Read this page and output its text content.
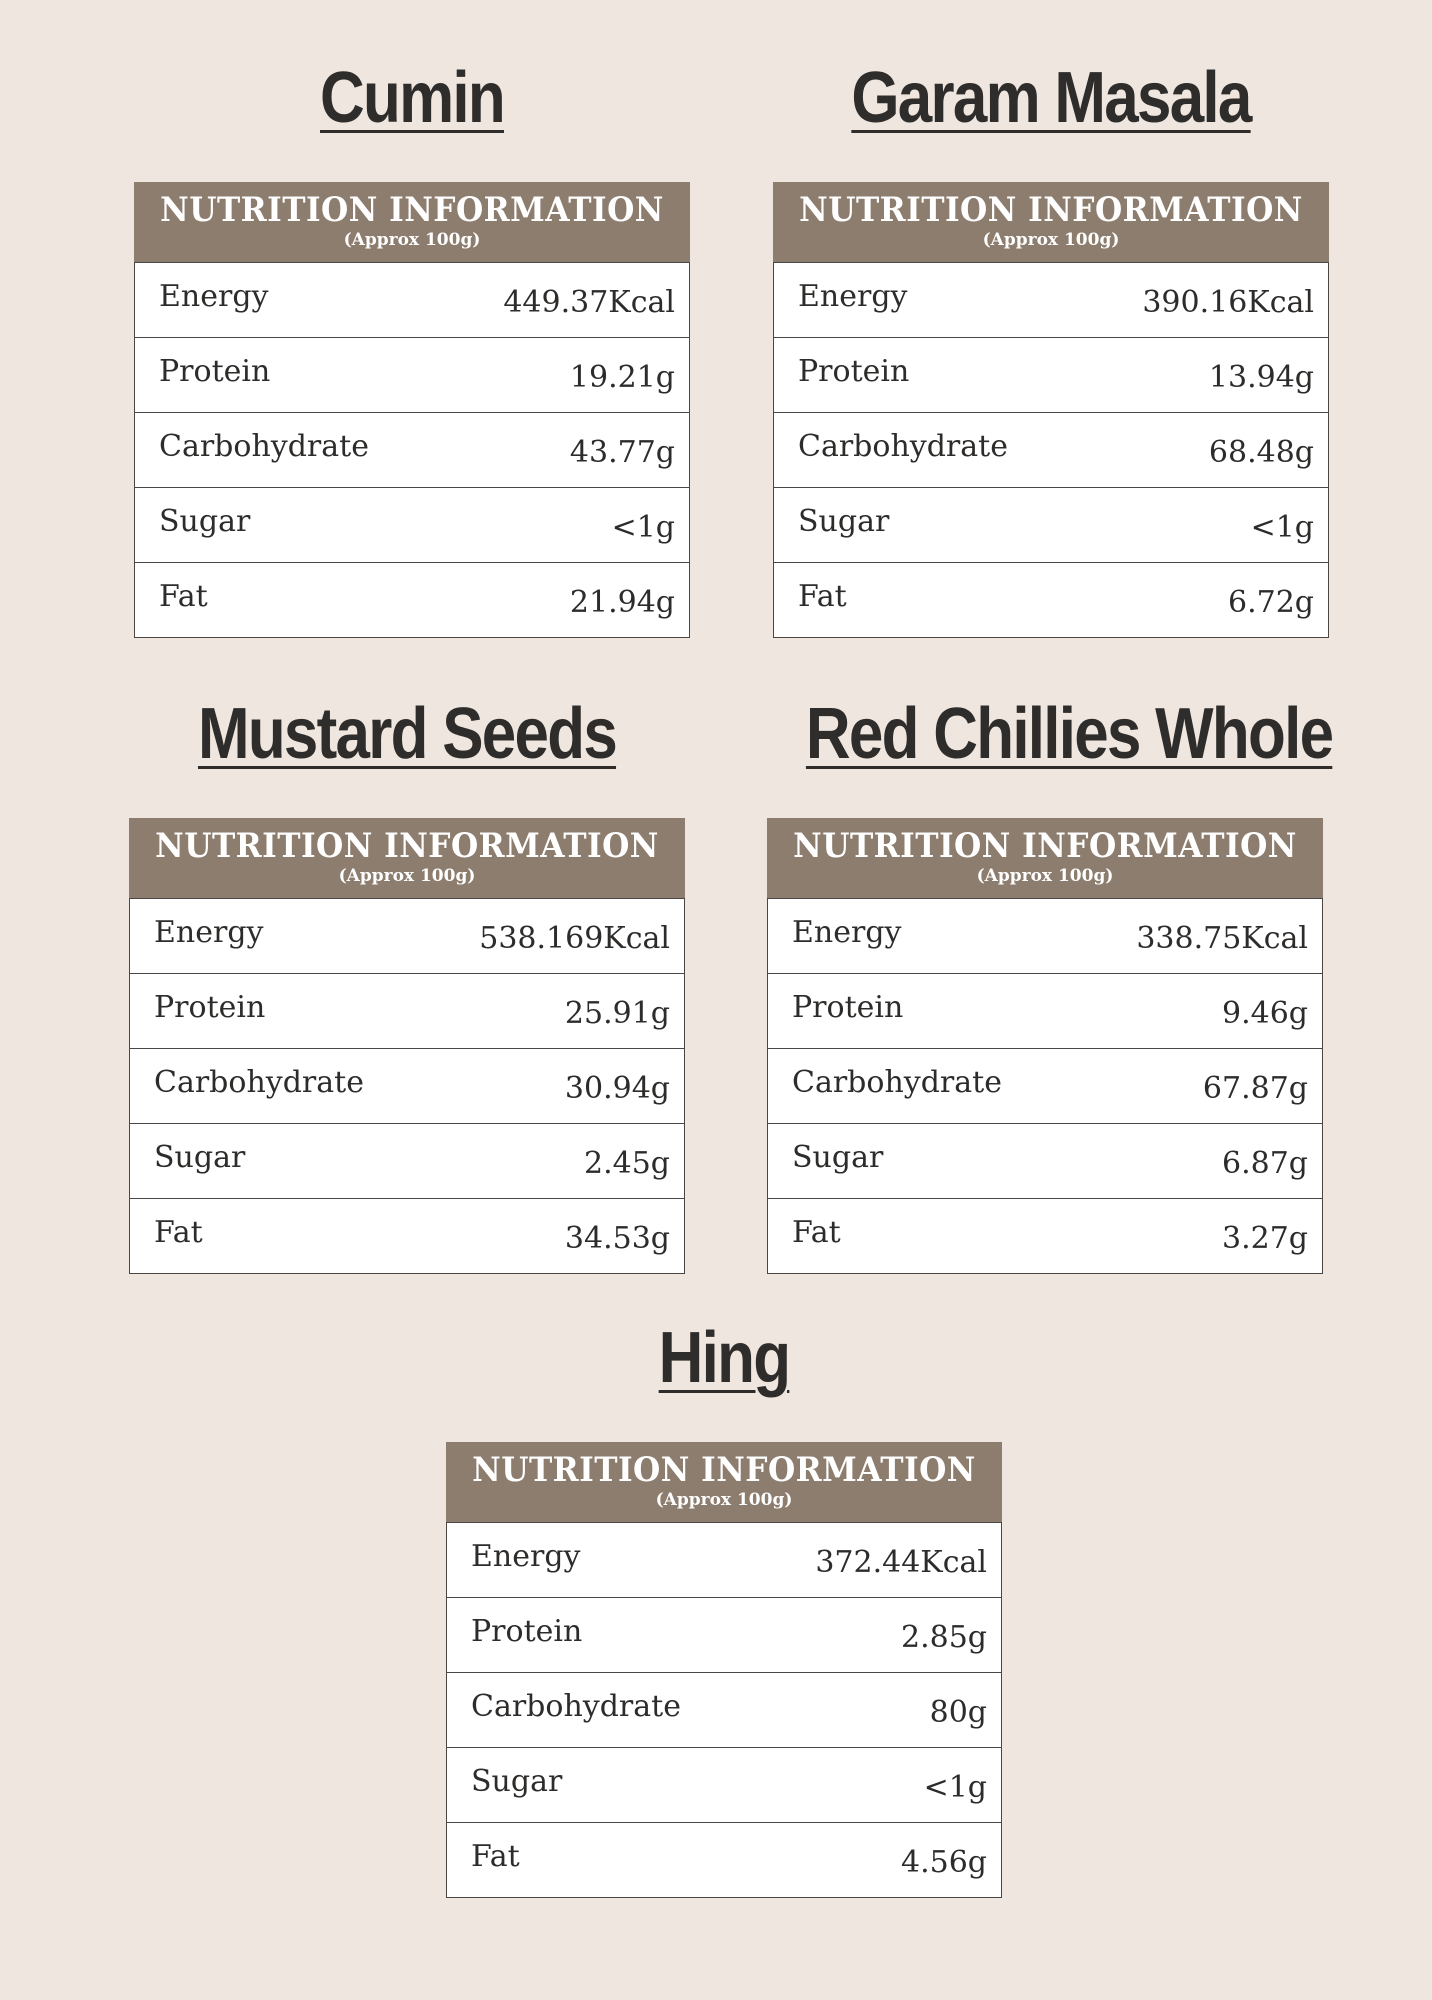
Cumin
NUTRITION INFORMATION
(Approx 100g)
Energy	449.37Kcal
Protein	19.21g
Carbohydrate	43.77g
Sugar	<1g
Fat	21.94g
Garam Masala
NUTRITION INFORMATION
(Approx 100g)
Energy	390.16Kcal
Protein	13.94g
Carbohydrate	68.48g
Sugar	<1g
Fat	6.72g
Mustard Seeds
NUTRITION INFORMATION
(Approx 100g)
Energy	538.169Kcal
Protein	25.91g
Carbohydrate	30.94g
Sugar	2.45g
Fat	34.53g
Red Chillies Whole
NUTRITION INFORMATION
(Approx 100g)
Energy	338.75Kcal
Protein	9.46g
Carbohydrate	67.87g
Sugar	6.87g
Fat	3.27g
Hing
NUTRITION INFORMATION
(Approx 100g)
Energy	372.44Kcal
Protein	2.85g
Carbohydrate	80g
Sugar	<1g
Fat	4.56g
